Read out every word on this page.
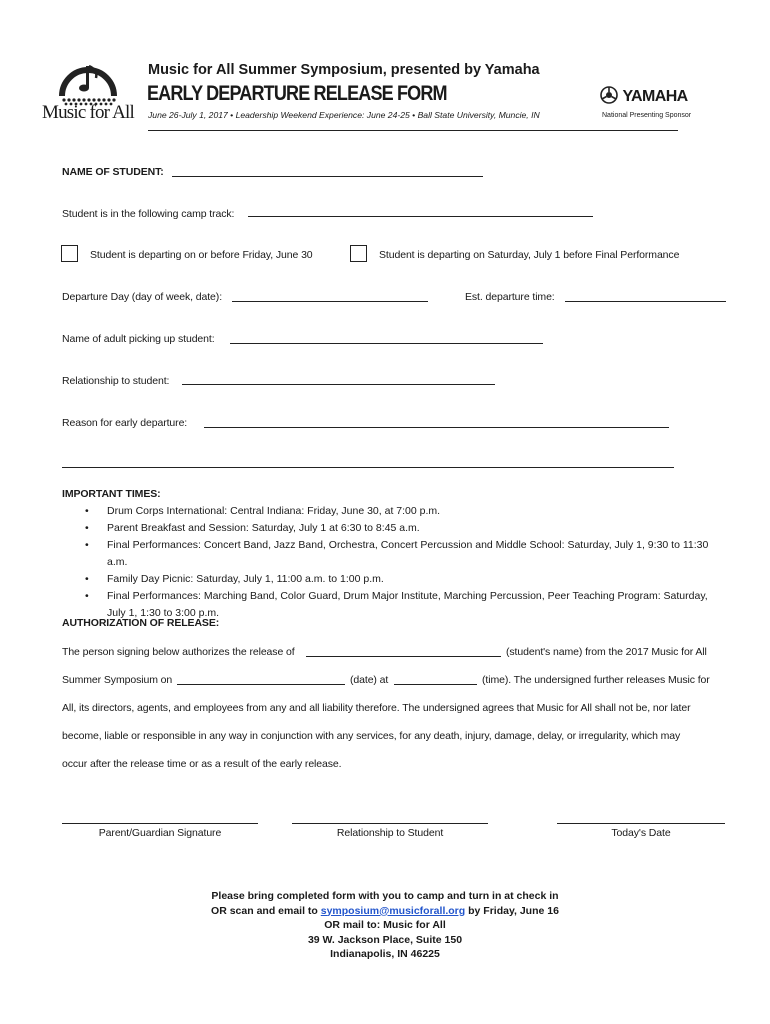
Music for All
Music for All Summer Symposium, presented by Yamaha
EARLY DEPARTURE RELEASE FORM
June 26-July 1, 2017 • Leadership Weekend Experience: June 24-25 • Ball State University, Muncie, IN
YAMAHA
National Presenting Sponsor
NAME OF STUDENT:
Student is in the following camp track:
Student is departing on or before Friday, June 30	Student is departing on Saturday, July 1 before Final Performance
Departure Day (day of week, date):	Est. departure time:
Name of adult picking up student:
Relationship to student:
Reason for early departure:
IMPORTANT TIMES:
• Drum Corps International: Central Indiana: Friday, June 30, at 7:00 p.m.
• Parent Breakfast and Session: Saturday, July 1 at 6:30 to 8:45 a.m.
• Final Performances: Concert Band, Jazz Band, Orchestra, Concert Percussion and Middle School: Saturday, July 1, 9:30 to 11:30 a.m.
• Family Day Picnic: Saturday, July 1, 11:00 a.m. to 1:00 p.m.
• Final Performances: Marching Band, Color Guard, Drum Major Institute, Marching Percussion, Peer Teaching Program: Saturday, July 1, 1:30 to 3:00 p.m.
AUTHORIZATION OF RELEASE:
The person signing below authorizes the release of	(student's name) from the 2017 Music for All
Summer Symposium on	(date) at	(time). The undersigned further releases Music for
All, its directors, agents, and employees from any and all liability therefore. The undersigned agrees that Music for All shall not be, nor later
become, liable or responsible in any way in conjunction with any services, for any death, injury, damage, delay, or irregularity, which may
occur after the release time or as a result of the early release.
Parent/Guardian Signature	Relationship to Student	Today's Date
Please bring completed form with you to camp and turn in at check in
OR scan and email to symposium@musicforall.org by Friday, June 16
OR mail to: Music for All
39 W. Jackson Place, Suite 150
Indianapolis, IN 46225
